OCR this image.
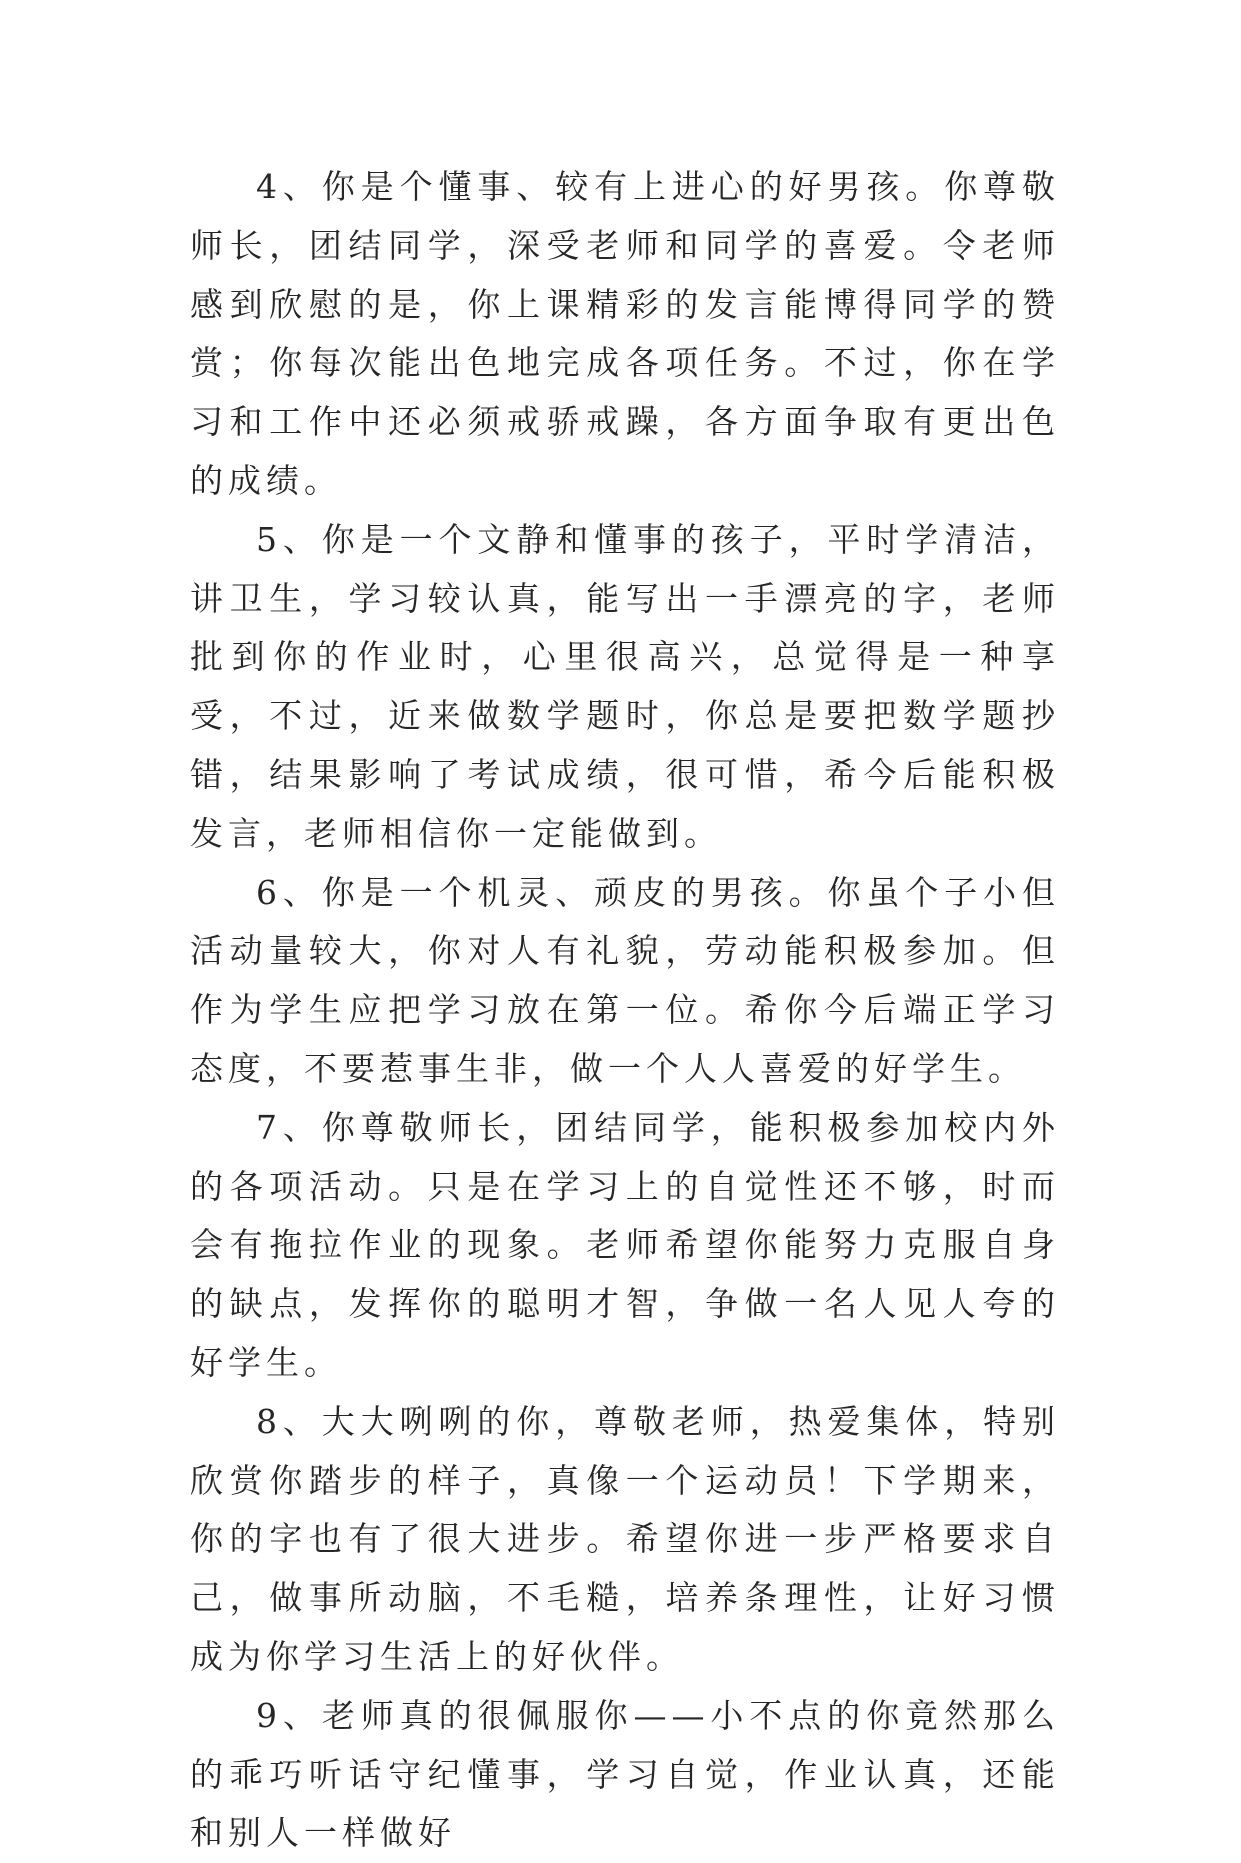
4、你是个懂事、较有上进心的好男孩。你尊敬师长，团结同学，深受老师和同学的喜爱。令老师感到欣慰的是，你上课精彩的发言能博得同学的赞赏；你每次能出色地完成各项任务。不过，你在学习和工作中还必须戒骄戒躁，各方面争取有更出色的成绩。

5、你是一个文静和懂事的孩子，平时学清洁，讲卫生，学习较认真，能写出一手漂亮的字，老师批到你的作业时，心里很高兴，总觉得是一种享受，不过，近来做数学题时，你总是要把数学题抄错，结果影响了考试成绩，很可惜，希今后能积极发言，老师相信你一定能做到。

6、你是一个机灵、顽皮的男孩。你虽个子小但活动量较大，你对人有礼貌，劳动能积极参加。但作为学生应把学习放在第一位。希你今后端正学习态度，不要惹事生非，做一个人人喜爱的好学生。

7、你尊敬师长，团结同学，能积极参加校内外的各项活动。只是在学习上的自觉性还不够，时而会有拖拉作业的现象。老师希望你能努力克服自身的缺点，发挥你的聪明才智，争做一名人见人夸的好学生。

8、大大咧咧的你，尊敬老师，热爱集体，特别欣赏你踏步的样子，真像一个运动员！下学期来，你的字也有了很大进步。希望你进一步严格要求自己，做事所动脑，不毛糙，培养条理性，让好习惯成为你学习生活上的好伙伴。

9、老师真的很佩服你——小不点的你竟然那么的乖巧听话守纪懂事，学习自觉，作业认真，还能和别人一样做好
